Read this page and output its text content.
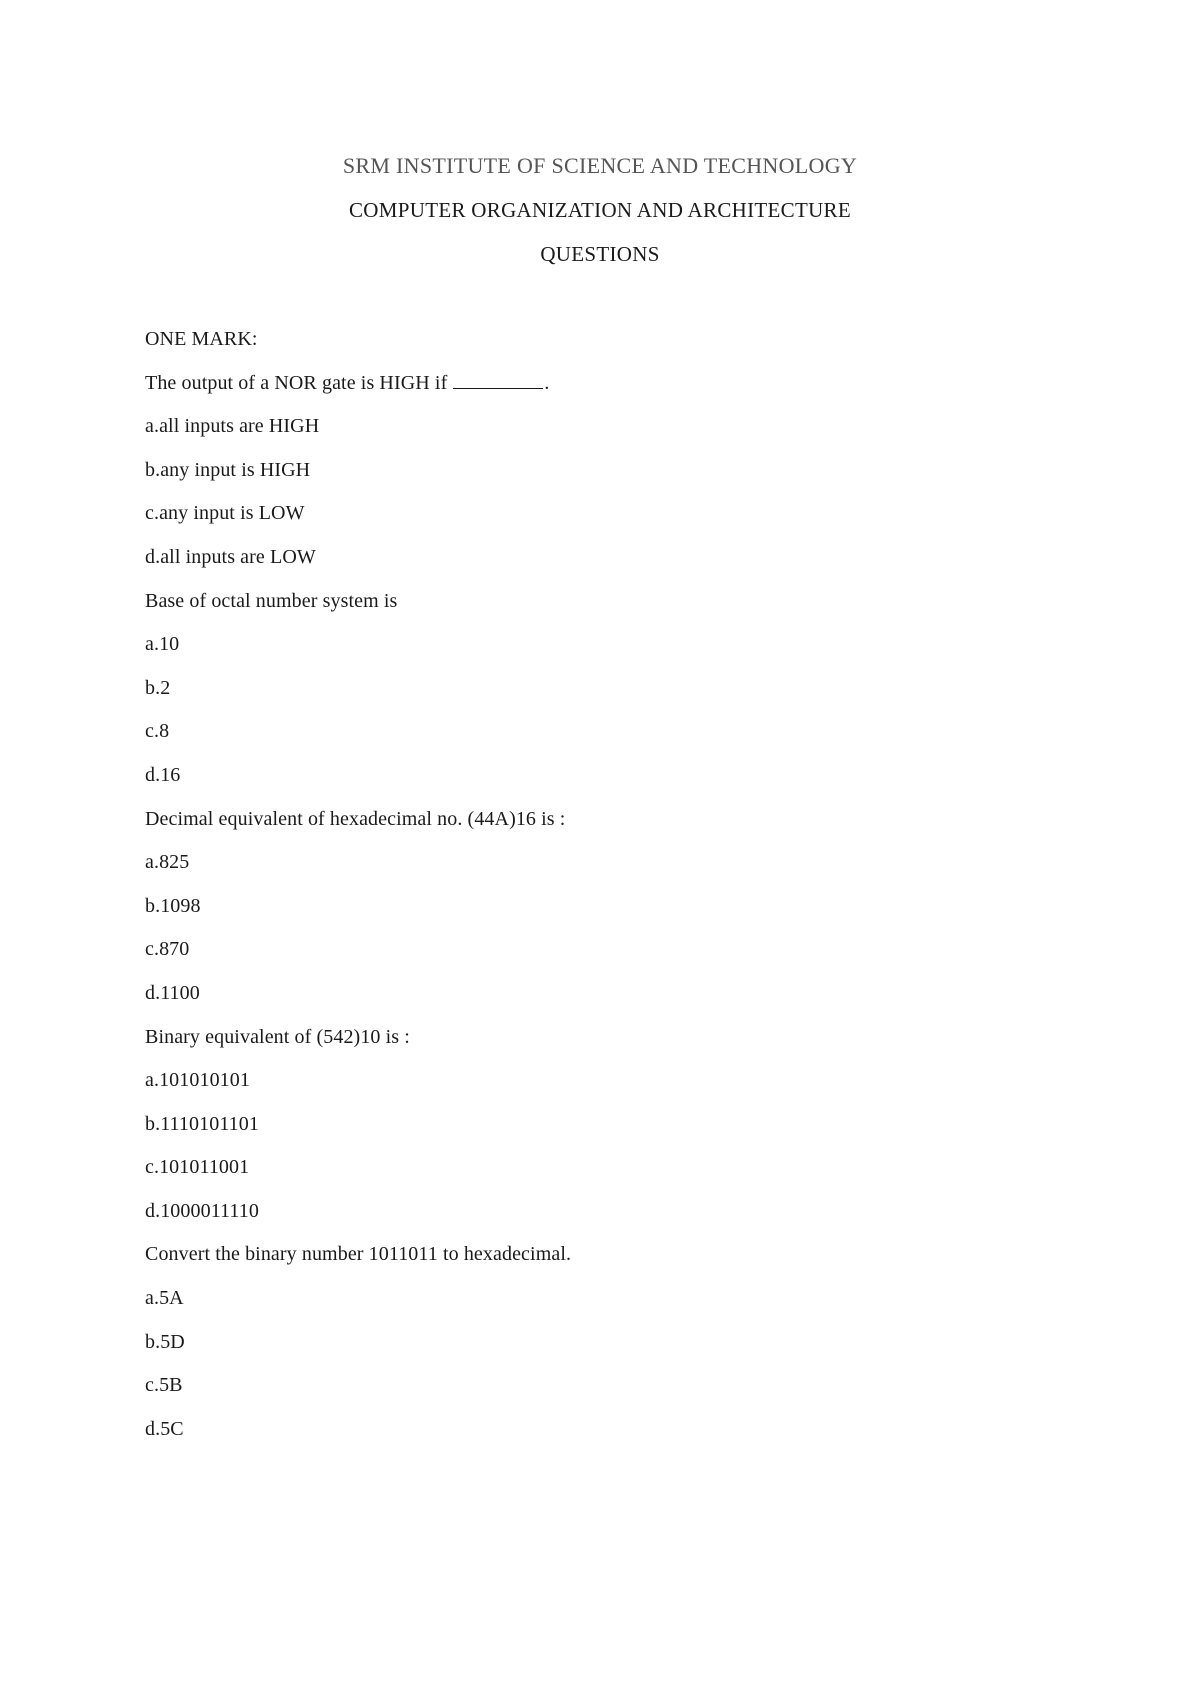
SRM INSTITUTE OF SCIENCE AND TECHNOLOGY
COMPUTER ORGANIZATION AND ARCHITECTURE
QUESTIONS
ONE MARK:
The output of a NOR gate is HIGH if	.
a.all inputs are HIGH
b.any input is HIGH
c.any input is LOW
d.all inputs are LOW
Base of octal number system is
a.10
b.2
c.8
d.16
Decimal equivalent of hexadecimal no. (44A)16 is :
a.825
b.1098
c.870
d.1100
Binary equivalent of (542)10 is :
a.101010101
b.1110101101
c.101011001
d.1000011110
Convert the binary number 1011011 to hexadecimal.
a.5A
b.5D
c.5B
d.5C
